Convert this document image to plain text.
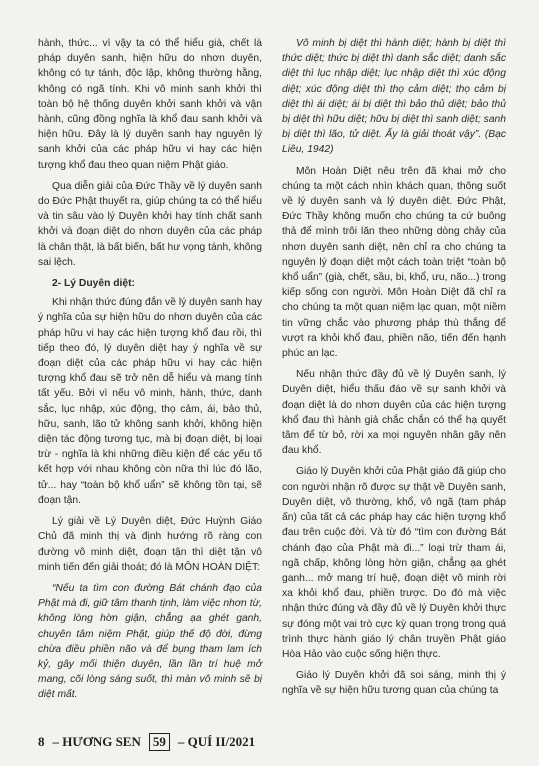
hành, thức... vì vậy ta có thể hiểu già, chết là pháp duyên sanh, hiện hữu do nhơn duyên, không có tự tánh, độc lập, không thường hằng, không có ngã tính. Khi vô minh sanh khởi thì toàn bộ hệ thống duyên khởi sanh khởi và vận hành, cũng đồng nghĩa là khổ đau sanh khởi và hiện hữu. Đây là lý duyên sanh hay nguyên lý sanh khởi của các pháp hữu vi hay các hiện tượng khổ đau theo quan niệm Phật giáo.

Qua diễn giải của Đức Thầy về lý duyên sanh do Đức Phật thuyết ra, giúp chúng ta có thể hiểu và tin sâu vào lý Duyên khởi hay tính chất sanh khởi và đoạn diệt do nhơn duyên của các pháp là chân thật, là bất biến, bất hư vọng tánh, không sai lệch.

2- Lý Duyên diệt:

Khi nhận thức đúng đắn về lý duyên sanh hay ý nghĩa của sự hiện hữu do nhơn duyên của các pháp hữu vi hay các hiện tượng khổ đau rồi, thì tiếp theo đó, lý duyên diệt hay ý nghĩa về sự đoạn diệt của các pháp hữu vi hay các hiện tượng khổ đau sẽ trở nên dễ hiểu và mang tính tất yếu. Bởi vì nếu vô minh, hành, thức, danh sắc, lục nhập, xúc động, thọ cảm, ái, bảo thủ, hữu, sanh, lão tử không sanh khởi, không hiện diện tác động tương tục, mà bị đoạn diệt, bị loại trừ - nghĩa là khi những điều kiện để các yếu tố kết hợp với nhau không còn nữa thì lúc đó lão, tử... hay “toàn bộ khổ uẩn” sẽ không tồn tại, sẽ đoạn tận.

Lý giải về Lý Duyên diệt, Đức Huỳnh Giáo Chủ đã minh thị và định hướng rõ ràng con đường vô minh diệt, đoạn tận thì diệt tận vô minh tiến đến giải thoát; đó là MÔN HOÀN DIỆT:

“Nếu ta tìm con đường Bát chánh đạo của Phật mà đi, giữ tâm thanh tịnh, làm việc nhơn từ, không lòng hờn giận, chẳng ạa ghét ganh, chuyên tâm niệm Phật, giúp thế độ đời, đừng chừa điều phiền não và để bụng tham lam ích kỷ, gây mối thiện duyên, lần lần trí huệ mở mang, cõi lòng sáng suốt, thì màn vô minh sẽ bị diệt mất.

Vô minh bị diệt thì hành diệt; hành bị diệt thì thức diệt; thức bị diệt thì danh sắc diệt; danh sắc diệt thì lục nhập diệt; lục nhập diệt thì xúc động diệt; xúc động diệt thì thọ cảm diệt; thọ cảm bị diệt thì ái diệt; ái bị diệt thì bảo thủ diệt; bảo thủ bị diệt thì hữu diệt; hữu bị diệt thì sanh diệt; sanh bị diệt thì lão, tử diệt. Ấy là giải thoát vậy”. (Bạc Liêu, 1942)

Môn Hoàn Diệt nêu trên đã khai mở cho chúng ta một cách nhìn khách quan, thông suốt về lý duyên sanh và lý duyên diệt. Đức Phật, Đức Thầy không muốn cho chúng ta cứ buông thả để mình trôi lăn theo những dòng chảy của nhơn duyên sanh diệt, nên chỉ ra cho chúng ta nguyên lý đoạn diệt một cách toàn triệt “toàn bộ khổ uẩn” (già, chết, sầu, bi, khổ, ưu, não...) trong kiếp sống con người. Môn Hoàn Diệt đã chỉ ra cho chúng ta một quan niệm lạc quan, một niềm tin vững chắc vào phương pháp thù thắng để vượt ra khỏi khổ đau, phiền não, tiến đến hạnh phúc an lạc.

Nếu nhận thức đầy đủ về lý Duyên sanh, lý Duyên diệt, hiểu thấu đáo về sự sanh khởi và đoạn diệt là do nhơn duyên của các hiện tượng khổ đau thì hành giả chắc chắn có thể hạ quyết tâm để từ bỏ, rời xa mọi nguyên nhân gây nên đau khổ.

Giáo lý Duyên khởi của Phật giáo đã giúp cho con người nhận rõ được sự thật về Duyên sanh, Duyên diệt, vô thường, khổ, vô ngã (tam pháp ấn) của tất cả các pháp hay các hiện tượng khổ đau trên cuộc đời. Và từ đó “tìm con đường Bát chánh đạo của Phật mà đi...” loại trừ tham ái, ngã chấp, không lòng hờn giận, chẳng ạa ghét ganh... mở mang trí huệ, đoạn diệt vô minh rời xa khỏi khổ đau, phiền trược. Do đó mà việc nhận thức đúng và đầy đủ về lý Duyên khởi thực sự đóng một vai trò cực kỳ quan trọng trong quá trình thực hành giáo lý chân truyền Phật giáo Hòa Hảo vào cuộc sống hiện thực.

Giáo lý Duyên khởi đã soi sáng, minh thị ý nghĩa về sự hiện hữu tương quan của chúng ta

8 – HƯƠNG SEN 59 – QUÍ II/2021
